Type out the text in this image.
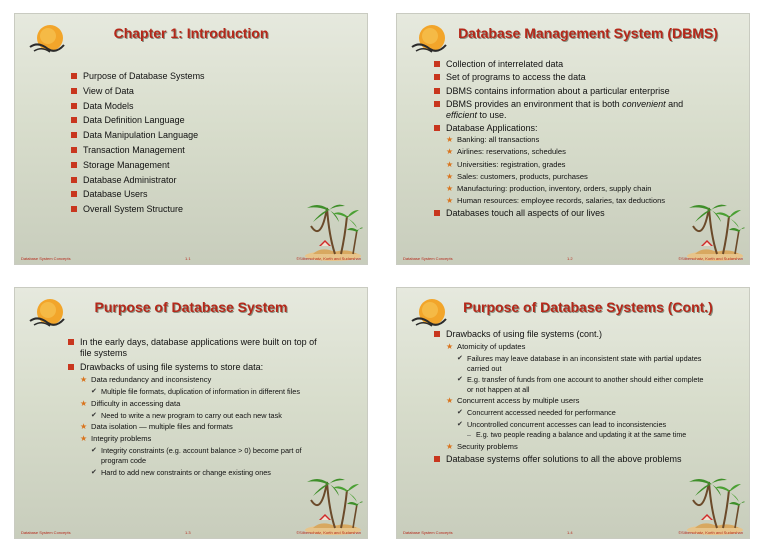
Chapter 1: Introduction
Purpose of Database Systems
View of Data
Data Models
Data Definition Language
Data Manipulation Language
Transaction Management
Storage Management
Database Administrator
Database Users
Overall System Structure
Database System Concepts	1.1	©Silberschatz, Korth and Sudarshan
Database Management System (DBMS)
Collection of interrelated data
Set of programs to access the data
DBMS contains information about a particular enterprise
DBMS provides an environment that is both convenient and
efficient to use.
Database Applications:
★ Banking: all transactions
★ Airlines: reservations, schedules
★ Universities: registration, grades
★ Sales: customers, products, purchases
★ Manufacturing: production, inventory, orders, supply chain
★ Human resources: employee records, salaries, tax deductions
Databases touch all aspects of our lives
Database System Concepts	1.2	©Silberschatz, Korth and Sudarshan
Purpose of Database System
In the early days, database applications were built on top of file systems
Drawbacks of using file systems to store data:
★ Data redundancy and inconsistency
✔ Multiple file formats, duplication of information in different files
★ Difficulty in accessing data
✔ Need to write a new program to carry out each new task
★ Data isolation — multiple files and formats
★ Integrity problems
✔ Integrity constraints (e.g. account balance > 0) become part of program code
✔ Hard to add new constraints or change existing ones
Database System Concepts	1.3	©Silberschatz, Korth and Sudarshan
Purpose of Database Systems (Cont.)
Drawbacks of using file systems (cont.)
★ Atomicity of updates
✔ Failures may leave database in an inconsistent state with partial updates carried out
✔ E.g. transfer of funds from one account to another should either complete or not happen at all
★ Concurrent access by multiple users
✔ Concurrent accessed needed for performance
✔ Uncontrolled concurrent accesses can lead to inconsistencies
– E.g. two people reading a balance and updating it at the same time
★ Security problems
Database systems offer solutions to all the above problems
Database System Concepts	1.4	©Silberschatz, Korth and Sudarshan
